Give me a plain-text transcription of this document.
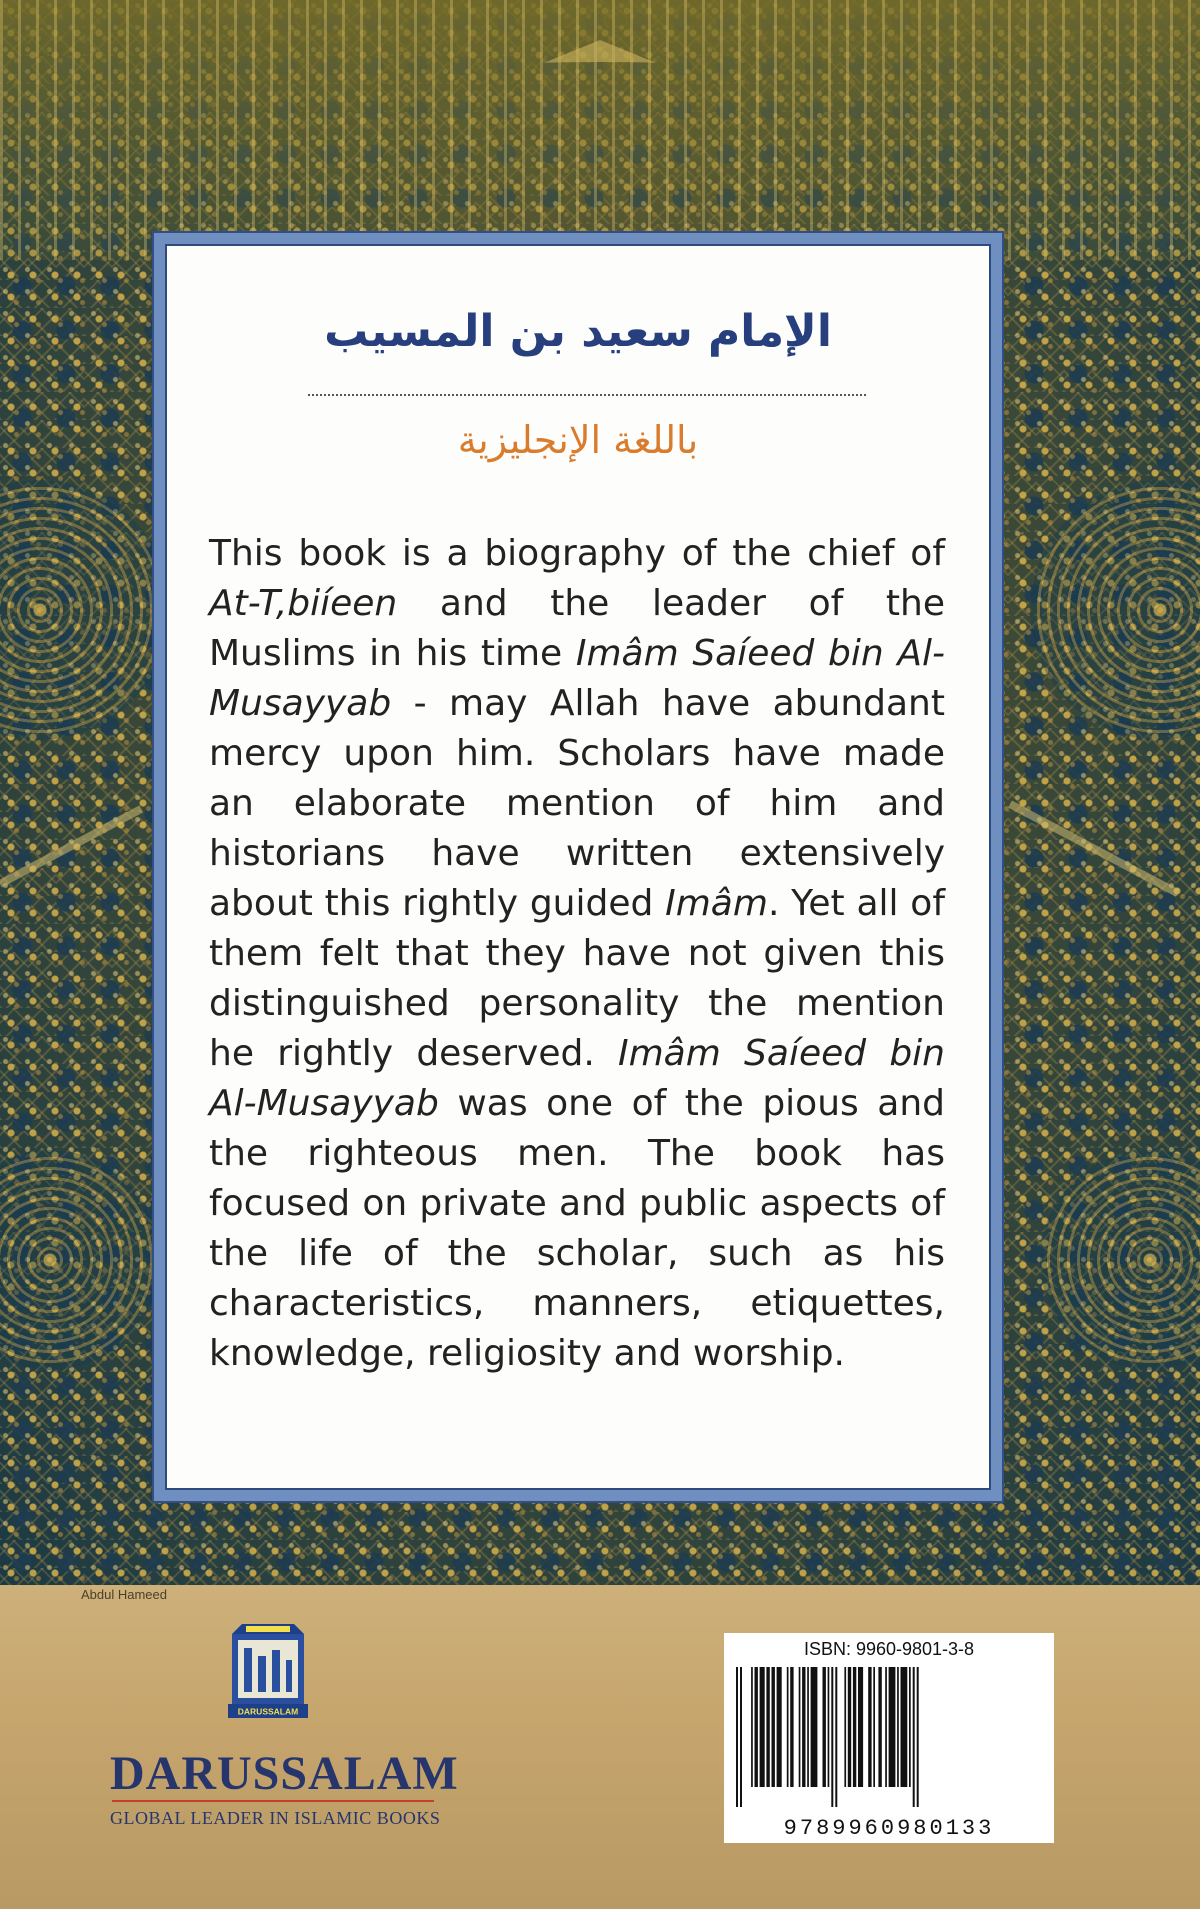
Abdul Hameed
الإمام سعيد بن المسيب
باللغة الإنجليزية

This book is a biography of the chief of At-T,biíeen and the leader of the Muslims in his time Imâm Saíeed bin Al-Musayyab - may Allah have abundant mercy upon him. Scholars have made an elaborate mention of him and historians have written extensively about this rightly guided Imâm. Yet all of them felt that they have not given this distinguished personality the mention he rightly deserved. Imâm Saíeed bin Al-Musayyab was one of the pious and the righteous men. The book has focused on private and public aspects of the life of the scholar, such as his characteristics, manners, etiquettes, knowledge, religiosity and worship.

DARUSSALAM
DARUSSALAM
GLOBAL LEADER IN ISLAMIC BOOKS
ISBN: 9960-9801-3-8
9789960980133
